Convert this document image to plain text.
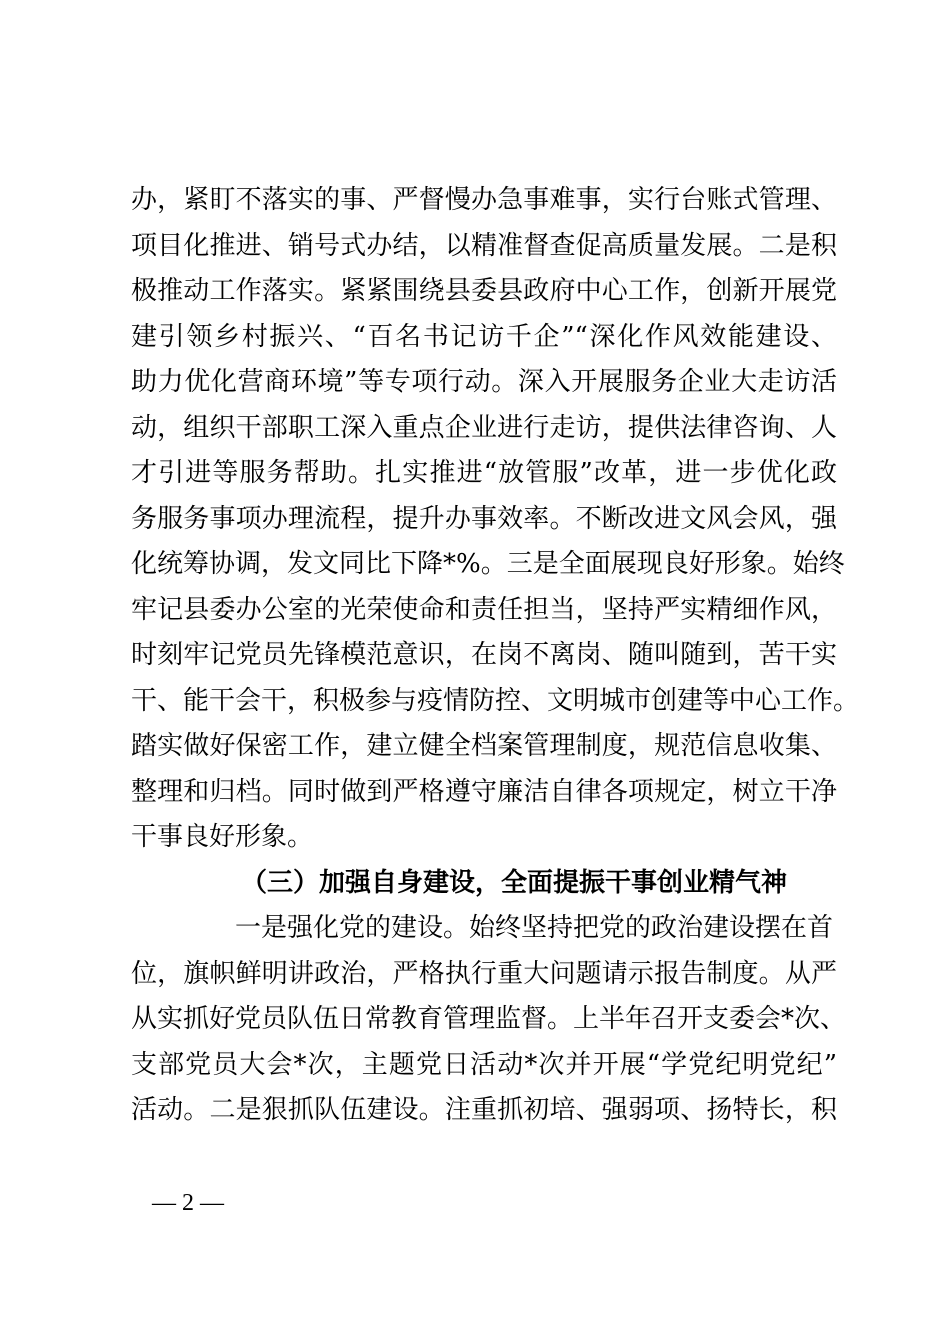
办，紧盯不落实的事、严督慢办急事难事，实行台账式管理、
项目化推进、销号式办结，以精准督查促高质量发展。二是积
极推动工作落实。紧紧围绕县委县政府中心工作，创新开展党
建引领乡村振兴、“百名书记访千企”“深化作风效能建设、
助力优化营商环境”等专项行动。深入开展服务企业大走访活
动，组织干部职工深入重点企业进行走访，提供法律咨询、人
才引进等服务帮助。扎实推进“放管服”改革，进一步优化政
务服务事项办理流程，提升办事效率。不断改进文风会风，强
化统筹协调，发文同比下降*%。三是全面展现良好形象。始终
牢记县委办公室的光荣使命和责任担当，坚持严实精细作风，
时刻牢记党员先锋模范意识，在岗不离岗、随叫随到，苦干实
干、能干会干，积极参与疫情防控、文明城市创建等中心工作。
踏实做好保密工作，建立健全档案管理制度，规范信息收集、
整理和归档。同时做到严格遵守廉洁自律各项规定，树立干净
干事良好形象。
（三）加强自身建设，全面提振干事创业精气神
一是强化党的建设。始终坚持把党的政治建设摆在首
位，旗帜鲜明讲政治，严格执行重大问题请示报告制度。从严
从实抓好党员队伍日常教育管理监督。上半年召开支委会*次、
支部党员大会*次，主题党日活动*次并开展“学党纪明党纪”
活动。二是狠抓队伍建设。注重抓初培、强弱项、扬特长，积
— 2 —
